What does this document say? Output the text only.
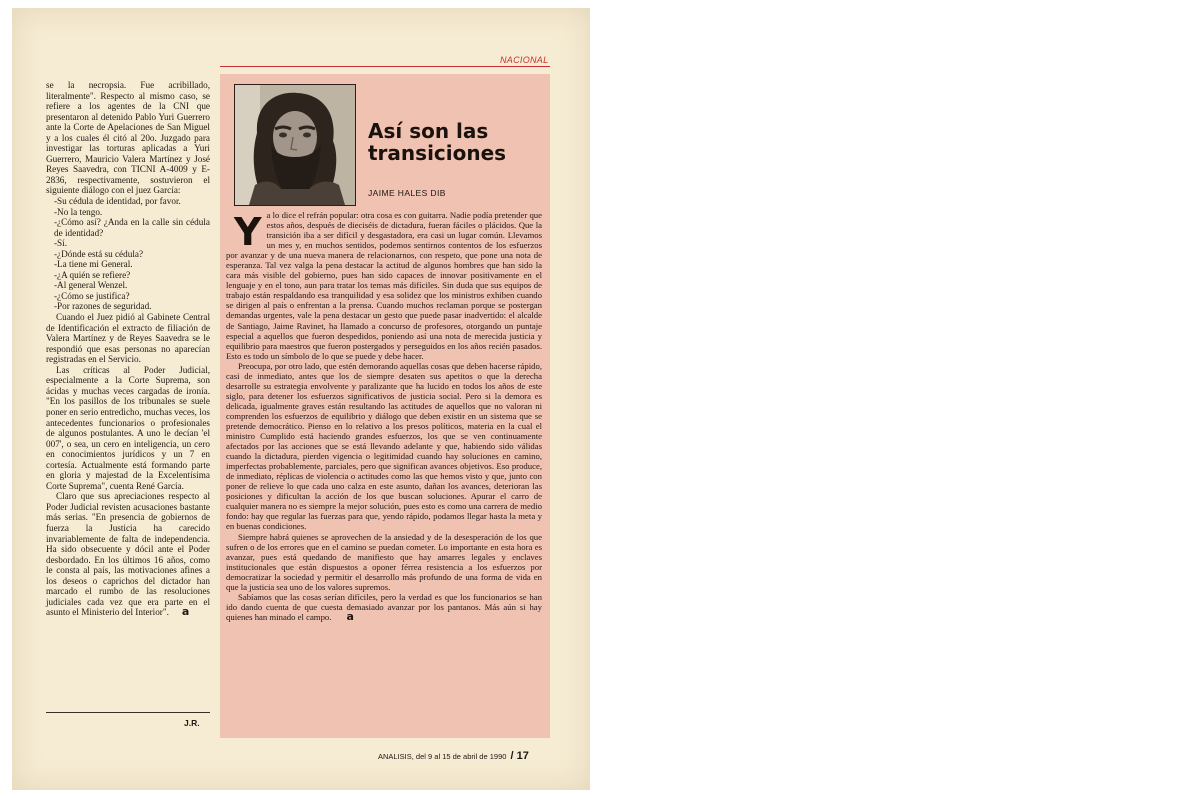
NACIONAL

se la necropsia. Fue acribillado, literalmente". Respecto al mismo caso, se refiere a los agentes de la CNI que presentaron al detenido Pablo Yuri Guerrero ante la Corte de Apelaciones de San Miguel y a los cuales él citó al 20o. Juzgado para investigar las torturas aplicadas a Yuri Guerrero, Mauricio Valera Martínez y José Reyes Saavedra, con TICNI A-4009 y E-2836, respectivamente, sostuvieron el siguiente diálogo con el juez García:

-Su cédula de identidad, por favor.

-No la tengo.

-¿Cómo así? ¿Anda en la calle sin cédula de identidad?

-Sí.

-¿Dónde está su cédula?

-La tiene mi General.

-¿A quién se refiere?

-Al general Wenzel.

-¿Cómo se justifica?

-Por razones de seguridad.

Cuando el Juez pidió al Gabinete Central de Identificación el extracto de filiación de Valera Martínez y de Reyes Saavedra se le respondió que esas personas no aparecían registradas en el Servicio.

Las críticas al Poder Judicial, especialmente a la Corte Suprema, son ácidas y muchas veces cargadas de ironía. "En los pasillos de los tribunales se suele poner en serio entredicho, muchas veces, los antecedentes funcionarios o profesionales de algunos postulantes. A uno le decían 'el 007', o sea, un cero en inteligencia, un cero en conocimientos jurídicos y un 7 en cortesía. Actualmente está formando parte en gloria y majestad de la Excelentísima Corte Suprema", cuenta René García.

Claro que sus apreciaciones respecto al Poder Judicial revisten acusaciones bastante más serias. "En presencia de gobiernos de fuerza la Justicia ha carecido invariablemente de falta de independencia. Ha sido obsecuente y dócil ante el Poder desbordado. En los últimos 16 años, como le consta al país, las motivaciones afines a los deseos o caprichos del dictador han marcado el rumbo de las resoluciones judiciales cada vez que era parte en el asunto el Ministerio del Interior". a

J.R.
Así son las transiciones
JAIME HALES DIB

Ya lo dice el refrán popular: otra cosa es con guitarra. Nadie podía pretender que estos años, después de dieciséis de dictadura, fueran fáciles o plácidos. Que la transición iba a ser difícil y desgastadora, era casi un lugar común. Llevamos un mes y, en muchos sentidos, podemos sentirnos contentos de los esfuerzos por avanzar y de una nueva manera de relacionarnos, con respeto, que pone una nota de esperanza. Tal vez valga la pena destacar la actitud de algunos hombres que han sido la cara más visible del gobierno, pues han sido capaces de innovar positivamente en el lenguaje y en el tono, aun para tratar los temas más difíciles. Sin duda que sus equipos de trabajo están respaldando esa tranquilidad y esa solidez que los ministros exhiben cuando se dirigen al país o enfrentan a la prensa. Cuando muchos reclaman porque se postergan demandas urgentes, vale la pena destacar un gesto que puede pasar inadvertido: el alcalde de Santiago, Jaime Ravinet, ha llamado a concurso de profesores, otorgando un puntaje especial a aquellos que fueron despedidos, poniendo así una nota de merecida justicia y equilibrio para maestros que fueron postergados y perseguidos en los años recién pasados. Esto es todo un símbolo de lo que se puede y debe hacer.

Preocupa, por otro lado, que estén demorando aquellas cosas que deben hacerse rápido, casi de inmediato, antes que los de siempre desaten sus apetitos o que la derecha desarrolle su estrategia envolvente y paralizante que ha lucido en todos los años de este siglo, para detener los esfuerzos significativos de justicia social. Pero si la demora es delicada, igualmente graves están resultando las actitudes de aquellos que no valoran ni comprenden los esfuerzos de equilibrio y diálogo que deben existir en un sistema que se pretende democrático. Pienso en lo relativo a los presos políticos, materia en la cual el ministro Cumplido está haciendo grandes esfuerzos, los que se ven continuamente afectados por las acciones que se está llevando adelante y que, habiendo sido válidas cuando la dictadura, pierden vigencia o legitimidad cuando hay soluciones en camino, imperfectas probablemente, parciales, pero que significan avances objetivos. Eso produce, de inmediato, réplicas de violencia o actitudes como las que hemos visto y que, junto con poner de relieve lo que cada uno calza en este asunto, dañan los avances, deterioran las posiciones y dificultan la acción de los que buscan soluciones. Apurar el carro de cualquier manera no es siempre la mejor solución, pues esto es como una carrera de medio fondo: hay que regular las fuerzas para que, yendo rápido, podamos llegar hasta la meta y en buenas condiciones.

Siempre habrá quienes se aprovechen de la ansiedad y de la desesperación de los que sufren o de los errores que en el camino se puedan cometer. Lo importante en esta hora es avanzar, pues está quedando de manifiesto que hay amarres legales y enclaves institucionales que están dispuestos a oponer férrea resistencia a los esfuerzos por democratizar la sociedad y permitir el desarrollo más profundo de una forma de vida en que la justicia sea uno de los valores supremos.

Sabíamos que las cosas serían difíciles, pero la verdad es que los funcionarios se han ido dando cuenta de que cuesta demasiado avanzar por los pantanos. Más aún si hay quienes han minado el campo. a

ANALISIS, del 9 al 15 de abril de 1990 / 17
